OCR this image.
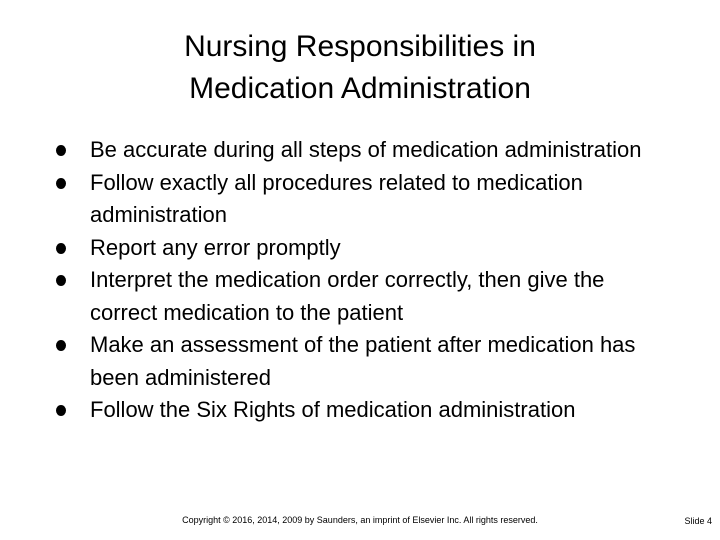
Nursing Responsibilities in
Medication Administration
Be accurate during all steps of medication administration
Follow exactly all procedures related to medication administration
Report any error promptly
Interpret the medication order correctly, then give the correct medication to the patient
Make an assessment of the patient after medication has been administered
Follow the Six Rights of medication administration
Copyright © 2016, 2014, 2009 by Saunders, an imprint of Elsevier Inc. All rights reserved.	Slide 4
